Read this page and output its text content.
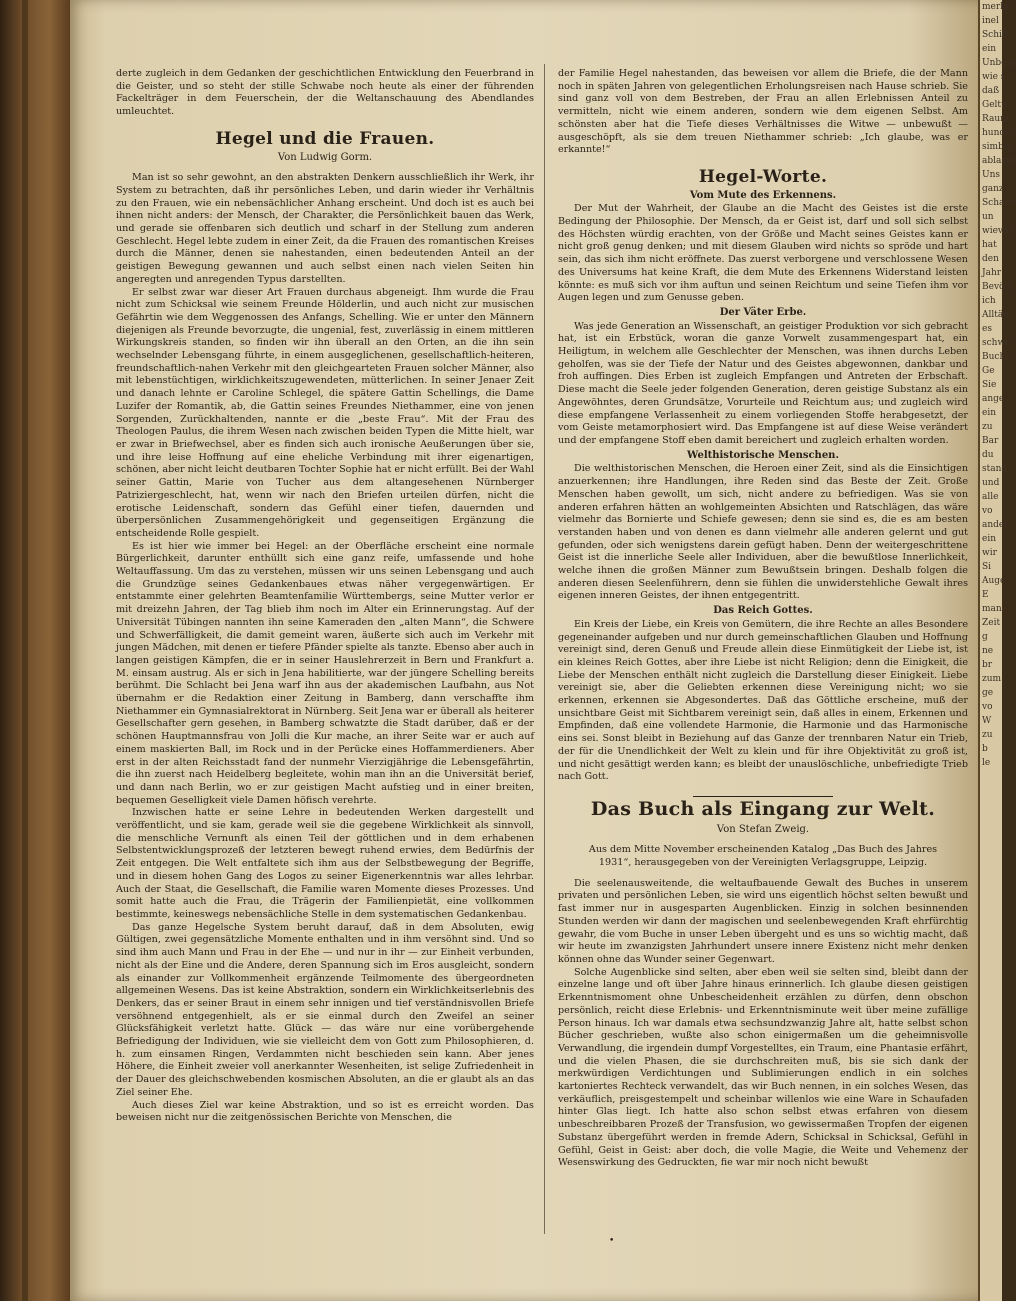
derte zugleich in dem Gedanken der geschichtlichen Entwicklung den Feuerbrand in die Geister, und so steht der stille Schwabe noch heute als einer der führenden Fackelträger in dem Feuerschein, der die Weltanschauung des Abendlandes umleuchtet.

Hegel und die Frauen.
Von Ludwig Gorm.

Man ist so sehr gewohnt, an den abstrakten Denkern ausschließlich ihr Werk, ihr System zu betrachten, daß ihr persönliches Leben, und darin wieder ihr Verhältnis zu den Frauen, wie ein nebensächlicher Anhang erscheint. Und doch ist es auch bei ihnen nicht anders: der Mensch, der Charakter, die Persönlichkeit bauen das Werk, und gerade sie offenbaren sich deutlich und scharf in der Stellung zum anderen Geschlecht. Hegel lebte zudem in einer Zeit, da die Frauen des romantischen Kreises durch die Männer, denen sie nahestanden, einen bedeutenden Anteil an der geistigen Bewegung gewannen und auch selbst einen nach vielen Seiten hin angeregten und anregenden Typus darstellten.

Er selbst zwar war dieser Art Frauen durchaus abgeneigt. Ihm wurde die Frau nicht zum Schicksal wie seinem Freunde Hölderlin, und auch nicht zur musischen Gefährtin wie dem Weggenossen des Anfangs, Schelling. Wie er unter den Männern diejenigen als Freunde bevorzugte, die ungenial, fest, zuverlässig in einem mittleren Wirkungskreis standen, so finden wir ihn überall an den Orten, an die ihn sein wechselnder Lebensgang führte, in einem ausgeglichenen, gesellschaftlich-heiteren, freundschaftlich-nahen Verkehr mit den gleichgearteten Frauen solcher Männer, also mit lebenstüchtigen, wirklichkeitszugewendeten, mütterlichen. In seiner Jenaer Zeit und danach lehnte er Caroline Schlegel, die spätere Gattin Schellings, die Dame Luzifer der Romantik, ab, die Gattin seines Freundes Niethammer, eine von jenen Sorgenden, Zurückhaltenden, nannte er die „beste Frau“. Mit der Frau des Theologen Paulus, die ihrem Wesen nach zwischen beiden Typen die Mitte hielt, war er zwar in Briefwechsel, aber es finden sich auch ironische Aeußerungen über sie, und ihre leise Hoffnung auf eine eheliche Verbindung mit ihrer eigenartigen, schönen, aber nicht leicht deutbaren Tochter Sophie hat er nicht erfüllt. Bei der Wahl seiner Gattin, Marie von Tucher aus dem altangesehenen Nürnberger Patriziergeschlecht, hat, wenn wir nach den Briefen urteilen dürfen, nicht die erotische Leidenschaft, sondern das Gefühl einer tiefen, dauernden und überpersönlichen Zusammengehörigkeit und gegenseitigen Ergänzung die entscheidende Rolle gespielt.

Es ist hier wie immer bei Hegel: an der Oberfläche erscheint eine normale Bürgerlichkeit, darunter enthüllt sich eine ganz reife, umfassende und hohe Weltauffassung. Um das zu verstehen, müssen wir uns seinen Lebensgang und auch die Grundzüge seines Gedankenbaues etwas näher vergegenwärtigen. Er entstammte einer gelehrten Beamtenfamilie Württembergs, seine Mutter verlor er mit dreizehn Jahren, der Tag blieb ihm noch im Alter ein Erinnerungstag. Auf der Universität Tübingen nannten ihn seine Kameraden den „alten Mann“, die Schwere und Schwerfälligkeit, die damit gemeint waren, äußerte sich auch im Verkehr mit jungen Mädchen, mit denen er tiefere Pfänder spielte als tanzte. Ebenso aber auch in langen geistigen Kämpfen, die er in seiner Hauslehrerzeit in Bern und Frankfurt a. M. einsam austrug. Als er sich in Jena habilitierte, war der jüngere Schelling bereits berühmt. Die Schlacht bei Jena warf ihn aus der akademischen Laufbahn, aus Not übernahm er die Redaktion einer Zeitung in Bamberg, dann verschaffte ihm Niethammer ein Gymnasialrektorat in Nürnberg. Seit Jena war er überall als heiterer Gesellschafter gern gesehen, in Bamberg schwatzte die Stadt darüber, daß er der schönen Hauptmannsfrau von Jolli die Kur mache, an ihrer Seite war er auch auf einem maskierten Ball, im Rock und in der Perücke eines Hoffammerdieners. Aber erst in der alten Reichsstadt fand der nunmehr Vierzigjährige die Lebensgefährtin, die ihn zuerst nach Heidelberg begleitete, wohin man ihn an die Universität berief, und dann nach Berlin, wo er zur geistigen Macht aufstieg und in einer breiten, bequemen Geselligkeit viele Damen höfisch verehrte.

Inzwischen hatte er seine Lehre in bedeutenden Werken dargestellt und veröffentlicht, und sie kam, gerade weil sie die gegebene Wirklichkeit als sinnvoll, die menschliche Vernunft als einen Teil der göttlichen und in dem erhabenen Selbstentwicklungsprozeß der letzteren bewegt ruhend erwies, dem Bedürfnis der Zeit entgegen. Die Welt entfaltete sich ihm aus der Selbstbewegung der Begriffe, und in diesem hohen Gang des Logos zu seiner Eigenerkenntnis war alles lehrbar. Auch der Staat, die Gesellschaft, die Familie waren Momente dieses Prozesses. Und somit hatte auch die Frau, die Trägerin der Familienpietät, eine vollkommen bestimmte, keineswegs nebensächliche Stelle in dem systematischen Gedankenbau.

Das ganze Hegelsche System beruht darauf, daß in dem Absoluten, ewig Gültigen, zwei gegensätzliche Momente enthalten und in ihm versöhnt sind. Und so sind ihm auch Mann und Frau in der Ehe — und nur in ihr — zur Einheit verbunden, nicht als der Eine und die Andere, deren Spannung sich im Eros ausgleicht, sondern als einander zur Vollkommenheit ergänzende Teilmomente des übergeordneten allgemeinen Wesens. Das ist keine Abstraktion, sondern ein Wirklichkeitserlebnis des Denkers, das er seiner Braut in einem sehr innigen und tief verständnisvollen Briefe versöhnend entgegenhielt, als er sie einmal durch den Zweifel an seiner Glücksfähigkeit verletzt hatte. Glück — das wäre nur eine vorübergehende Befriedigung der Individuen, wie sie vielleicht dem von Gott zum Philosophieren, d. h. zum einsamen Ringen, Verdammten nicht beschieden sein kann. Aber jenes Höhere, die Einheit zweier voll anerkannter Wesenheiten, ist selige Zufriedenheit in der Dauer des gleichschwebenden kosmischen Absoluten, an die er glaubt als an das Ziel seiner Ehe.

Auch dieses Ziel war keine Abstraktion, und so ist es erreicht worden. Das beweisen nicht nur die zeitgenössischen Berichte von Menschen, die

der Familie Hegel nahestanden, das beweisen vor allem die Briefe, die der Mann noch in späten Jahren von gelegentlichen Erholungsreisen nach Hause schrieb. Sie sind ganz voll von dem Bestreben, der Frau an allen Erlebnissen Anteil zu vermitteln, nicht wie einem anderen, sondern wie dem eigenen Selbst. Am schönsten aber hat die Tiefe dieses Verhältnisses die Witwe — unbewußt — ausgeschöpft, als sie dem treuen Niethammer schrieb: „Ich glaube, was er erkannte!“

Hegel-Worte.
Vom Mute des Erkennens.

Der Mut der Wahrheit, der Glaube an die Macht des Geistes ist die erste Bedingung der Philosophie. Der Mensch, da er Geist ist, darf und soll sich selbst des Höchsten würdig erachten, von der Größe und Macht seines Geistes kann er nicht groß genug denken; und mit diesem Glauben wird nichts so spröde und hart sein, das sich ihm nicht eröffnete. Das zuerst verborgene und verschlossene Wesen des Universums hat keine Kraft, die dem Mute des Erkennens Widerstand leisten könnte: es muß sich vor ihm auftun und seinen Reichtum und seine Tiefen ihm vor Augen legen und zum Genusse geben.

Der Väter Erbe.

Was jede Generation an Wissenschaft, an geistiger Produktion vor sich gebracht hat, ist ein Erbstück, woran die ganze Vorwelt zusammengespart hat, ein Heiligtum, in welchem alle Geschlechter der Menschen, was ihnen durchs Leben geholfen, was sie der Tiefe der Natur und des Geistes abgewonnen, dankbar und froh auffingen. Dies Erben ist zugleich Empfangen und Antreten der Erbschaft. Diese macht die Seele jeder folgenden Generation, deren geistige Substanz als ein Angewöhntes, deren Grundsätze, Vorurteile und Reichtum aus; und zugleich wird diese empfangene Verlassenheit zu einem vorliegenden Stoffe herabgesetzt, der vom Geiste metamorphosiert wird. Das Empfangene ist auf diese Weise verändert und der empfangene Stoff eben damit bereichert und zugleich erhalten worden.

Welthistorische Menschen.

Die welthistorischen Menschen, die Heroen einer Zeit, sind als die Einsichtigen anzuerkennen; ihre Handlungen, ihre Reden sind das Beste der Zeit. Große Menschen haben gewollt, um sich, nicht andere zu befriedigen. Was sie von anderen erfahren hätten an wohlgemeinten Absichten und Ratschlägen, das wäre vielmehr das Bornierte und Schiefe gewesen; denn sie sind es, die es am besten verstanden haben und von denen es dann vielmehr alle anderen gelernt und gut gefunden, oder sich wenigstens darein gefügt haben. Denn der weitergeschrittene Geist ist die innerliche Seele aller Individuen, aber die bewußtlose Innerlichkeit, welche ihnen die großen Männer zum Bewußtsein bringen. Deshalb folgen die anderen diesen Seelenführern, denn sie fühlen die unwiderstehliche Gewalt ihres eigenen inneren Geistes, der ihnen entgegentritt.

Das Reich Gottes.

Ein Kreis der Liebe, ein Kreis von Gemütern, die ihre Rechte an alles Besondere gegeneinander aufgeben und nur durch gemeinschaftlichen Glauben und Hoffnung vereinigt sind, deren Genuß und Freude allein diese Einmütigkeit der Liebe ist, ist ein kleines Reich Gottes, aber ihre Liebe ist nicht Religion; denn die Einigkeit, die Liebe der Menschen enthält nicht zugleich die Darstellung dieser Einigkeit. Liebe vereinigt sie, aber die Geliebten erkennen diese Vereinigung nicht; wo sie erkennen, erkennen sie Abgesondertes. Daß das Göttliche erscheine, muß der unsichtbare Geist mit Sichtbarem vereinigt sein, daß alles in einem, Erkennen und Empfinden, daß eine vollendete Harmonie, die Harmonie und das Harmonische eins sei. Sonst bleibt in Beziehung auf das Ganze der trennbaren Natur ein Trieb, der für die Unendlichkeit der Welt zu klein und für ihre Objektivität zu groß ist, und nicht gesättigt werden kann; es bleibt der unauslöschliche, unbefriedigte Trieb nach Gott.

Das Buch als Eingang zur Welt.
Von Stefan Zweig.
Aus dem Mitte November erscheinenden Katalog „Das Buch des Jahres 1931“, herausgegeben von der Vereinigten Verlagsgruppe, Leipzig.

Die seelenausweitende, die weltaufbauende Gewalt des Buches in unserem privaten und persönlichen Leben, sie wird uns eigentlich höchst selten bewußt und fast immer nur in ausgesparten Augenblicken. Einzig in solchen besinnenden Stunden werden wir dann der magischen und seelenbewegenden Kraft ehrfürchtig gewahr, die vom Buche in unser Leben übergeht und es uns so wichtig macht, daß wir heute im zwanzigsten Jahrhundert unsere innere Existenz nicht mehr denken können ohne das Wunder seiner Gegenwart.

Solche Augenblicke sind selten, aber eben weil sie selten sind, bleibt dann der einzelne lange und oft über Jahre hinaus erinnerlich. Ich glaube diesen geistigen Erkenntnismoment ohne Unbescheidenheit erzählen zu dürfen, denn obschon persönlich, reicht diese Erlebnis- und Erkenntnisminute weit über meine zufällige Person hinaus. Ich war damals etwa sechsundzwanzig Jahre alt, hatte selbst schon Bücher geschrieben, wußte also schon einigermaßen um die geheimnisvolle Verwandlung, die irgendein dumpf Vorgestelltes, ein Traum, eine Phantasie erfährt, und die vielen Phasen, die sie durchschreiten muß, bis sie sich dank der merkwürdigen Verdichtungen und Sublimierungen endlich in ein solches kartoniertes Rechteck verwandelt, das wir Buch nennen, in ein solches Wesen, das verkäuflich, preisgestempelt und scheinbar willenlos wie eine Ware in Schaufaden hinter Glas liegt. Ich hatte also schon selbst etwas erfahren von diesem unbeschreibbaren Prozeß der Transfusion, wo gewissermaßen Tropfen der eigenen Substanz übergeführt werden in fremde Adern, Schicksal in Schicksal, Gefühl in Gefühl, Geist in Geist: aber doch, die volle Magie, die Weite und Vehemenz der Wesenswirkung des Gedruckten, fie war mir noch nicht bewußt

•
merke
inel
Schiff
ein
Unbekr
wie s
daß
Geltu
Raum
hunder
simbol
ablaste
Uns
ganz
Schalle
un
wieviel
hat
den
Jahr
Bevölk
ich
Alltäg
es
schwe
Buche
Ge
Sie
ange
ein
zu
Bar
du
stand
und
alle
vo
ander
ein
wir
Si
Auge
E
man
Zeit
g
ne
br
zum
ge
vo
W
zu
b
le
